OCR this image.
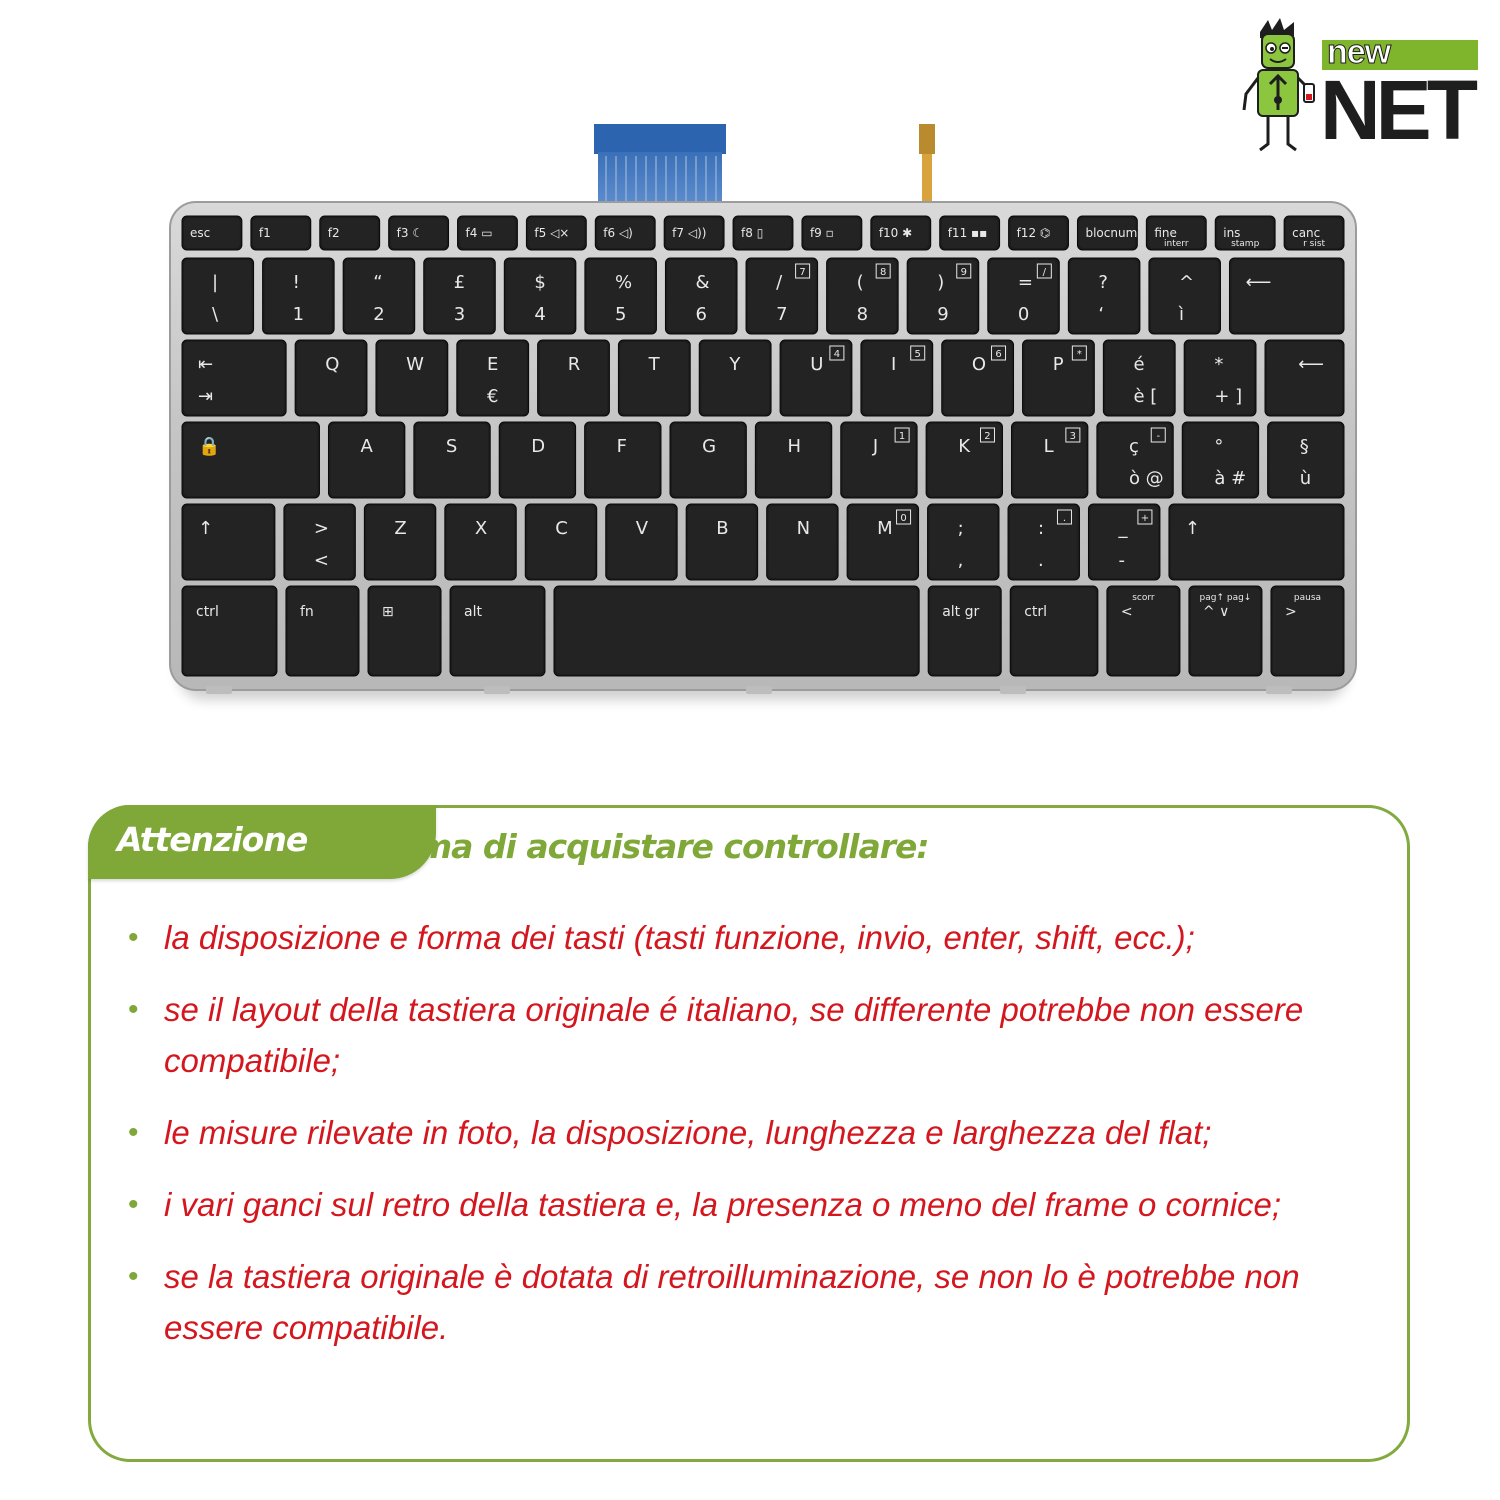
new
NET
esc	f1	f2	f3 ☾	f4 ▭	f5 ◁×	f6 ◁)	f7 ◁))	f8 ▯	f9 ▫	f10 ✱	f11 ▪▪ f12 ⌬	blocnum fine
interr
ins
stamp
canc
r sist
|
\
!
1
“
2
£
3
$
4
%
5
&
6
/
7
7	(
8
8	)
9
9	=
0
/	?
‘
^
ì
⟵
⇤
⇥
Q	W	E
€
R	T	Y	U 4	I 5	O 6	P *	é
è [
*
+ ]
⟵
🔒	A	S	D	F	G	H	J 1	K 2	L 3	ç
ò @
-	°
à #
§
ù
↑	>
<
Z	X	C	V	B	N	M 0	;
,
:
.
.	_
-
+ ↑
ctrl	fn	⊞	alt	alt gr	ctrl
scorr
<
pag↑ pag↓
^ ∨
pausa
>
Attenzione Prima di acquistare controllare:
• la disposizione e forma dei tasti (tasti funzione, invio, enter, shift, ecc.);
• se il layout della tastiera originale é italiano, se differente potrebbe non essere compatibile;
• le misure rilevate in foto, la disposizione, lunghezza e larghezza del flat;
• i vari ganci sul retro della tastiera e, la presenza o meno del frame o cornice;
• se la tastiera originale è dotata di retroilluminazione, se non lo è potrebbe non essere compatibile.
